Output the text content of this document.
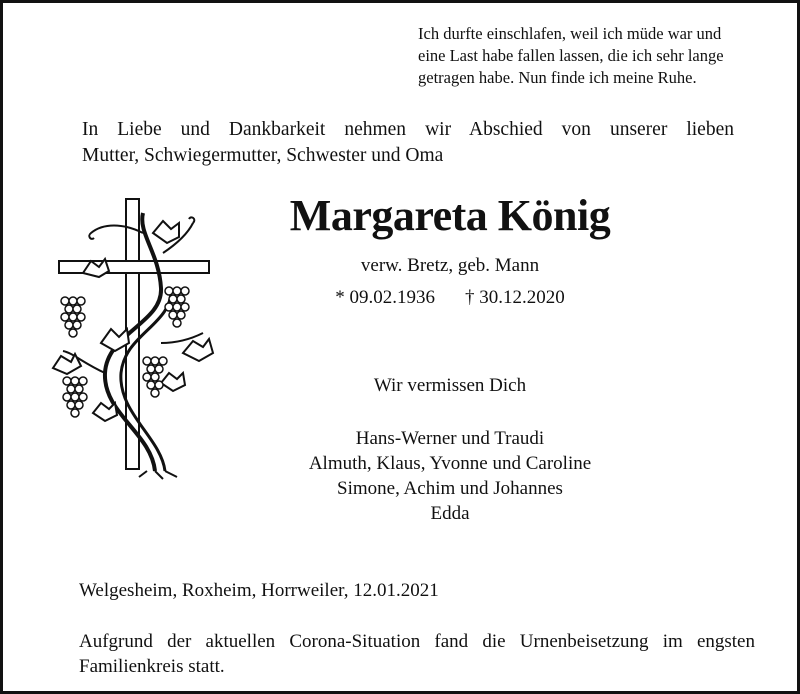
Ich durfte einschlafen, weil ich müde war und
eine Last habe fallen lassen, die ich sehr lange
getragen habe. Nun finde ich meine Ruhe.

In Liebe und Dankbarkeit nehmen wir Abschied von unserer lieben
Mutter, Schwiegermutter, Schwester und Oma

Margareta König

verw. Bretz, geb. Mann

* 09.02.1936 † 30.12.2020

Wir vermissen Dich

Hans-Werner und Traudi
Almuth, Klaus, Yvonne und Caroline
Simone, Achim und Johannes
Edda

Welgesheim, Roxheim, Horrweiler, 12.01.2021

Aufgrund der aktuellen Corona-Situation fand die Urnenbeisetzung im engsten
Familienkreis statt.
